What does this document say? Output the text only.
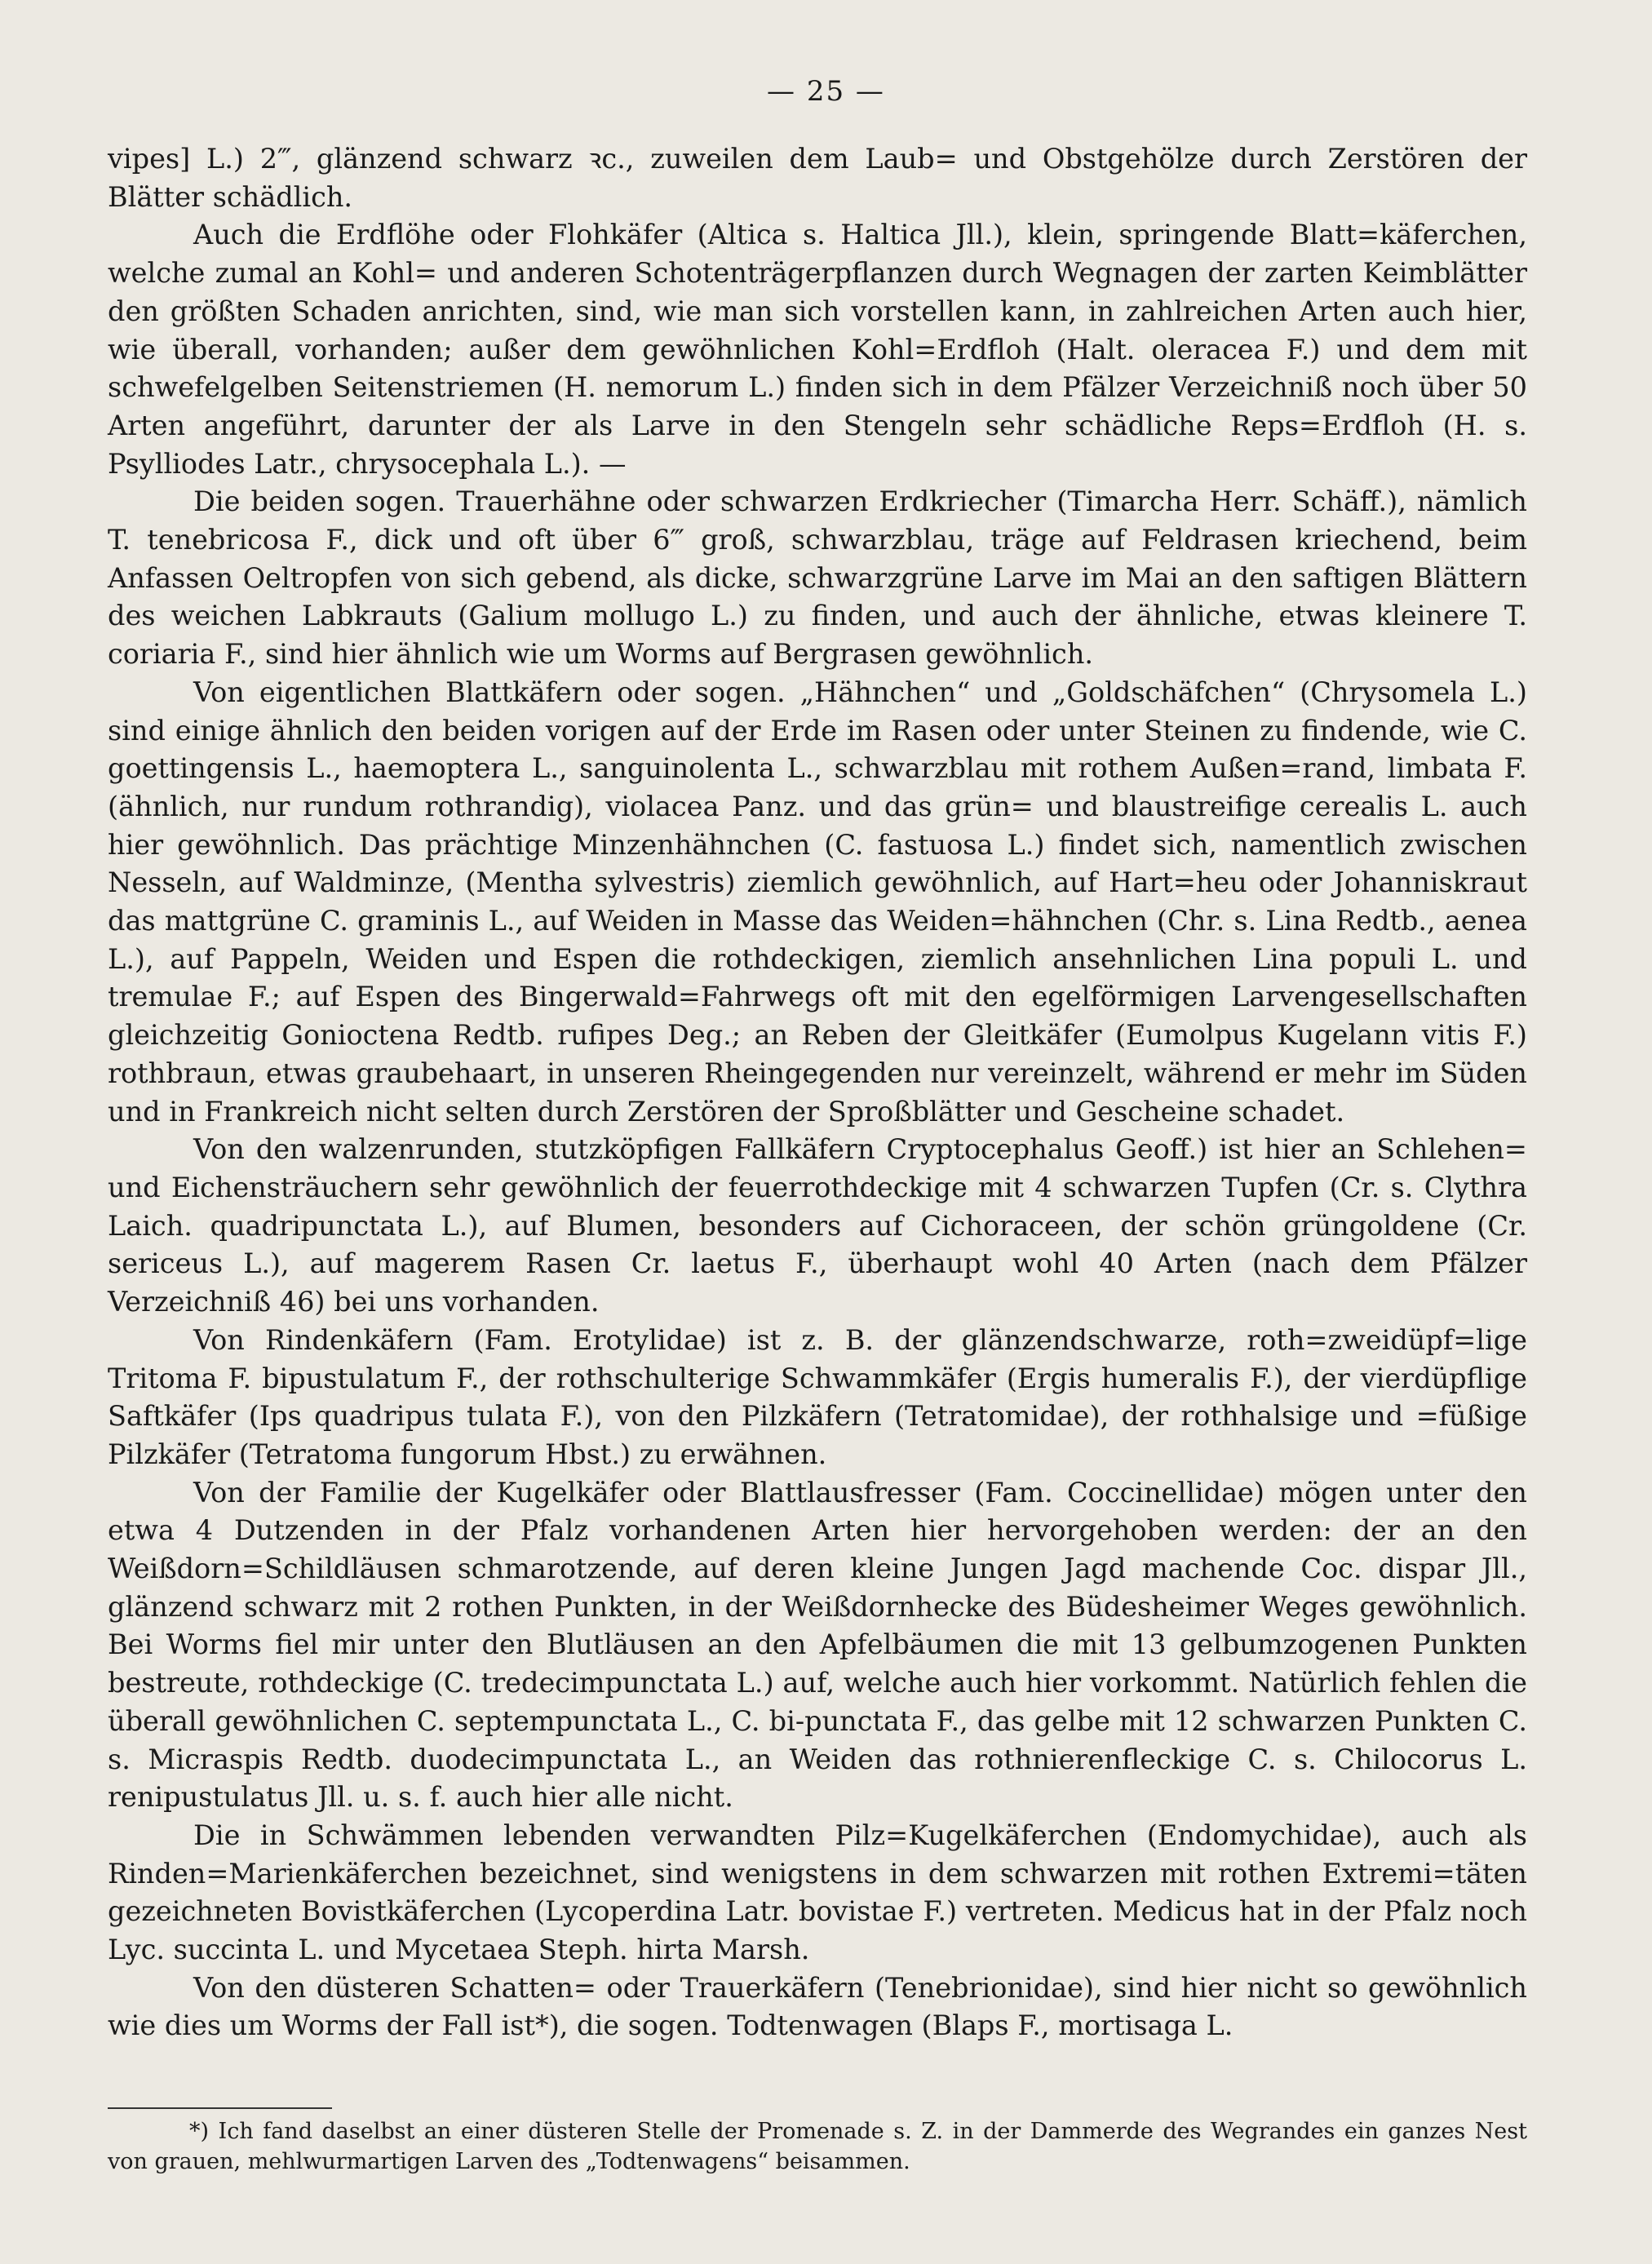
— 25 —

vipes] L.) 2‴, glänzend schwarz ꝛc., zuweilen dem Laub= und Obstgehölze durch Zerstören der Blätter schädlich.

Auch die Erdflöhe oder Flohkäfer (Altica s. Haltica Jll.), klein, springende Blatt=käferchen, welche zumal an Kohl= und anderen Schotenträgerpflanzen durch Wegnagen der zarten Keimblätter den größten Schaden anrichten, sind, wie man sich vorstellen kann, in zahlreichen Arten auch hier, wie überall, vorhanden; außer dem gewöhnlichen Kohl=Erdfloh (Halt. oleracea F.) und dem mit schwefelgelben Seitenstriemen (H. nemorum L.) finden sich in dem Pfälzer Verzeichniß noch über 50 Arten angeführt, darunter der als Larve in den Stengeln sehr schädliche Reps=Erdfloh (H. s. Psylliodes Latr., chrysocephala L.). —

Die beiden sogen. Trauerhähne oder schwarzen Erdkriecher (Timarcha Herr. Schäff.), nämlich T. tenebricosa F., dick und oft über 6‴ groß, schwarzblau, träge auf Feldrasen kriechend, beim Anfassen Oeltropfen von sich gebend, als dicke, schwarzgrüne Larve im Mai an den saftigen Blättern des weichen Labkrauts (Galium mollugo L.) zu finden, und auch der ähnliche, etwas kleinere T. coriaria F., sind hier ähnlich wie um Worms auf Bergrasen gewöhnlich.

Von eigentlichen Blattkäfern oder sogen. „Hähnchen“ und „Goldschäfchen“ (Chrysomela L.) sind einige ähnlich den beiden vorigen auf der Erde im Rasen oder unter Steinen zu findende, wie C. goettingensis L., haemoptera L., sanguinolenta L., schwarzblau mit rothem Außen=rand, limbata F. (ähnlich, nur rundum rothrandig), violacea Panz. und das grün= und blaustreifige cerealis L. auch hier gewöhnlich. Das prächtige Minzenhähnchen (C. fastuosa L.) findet sich, namentlich zwischen Nesseln, auf Waldminze, (Mentha sylvestris) ziemlich gewöhnlich, auf Hart=heu oder Johanniskraut das mattgrüne C. graminis L., auf Weiden in Masse das Weiden=hähnchen (Chr. s. Lina Redtb., aenea L.), auf Pappeln, Weiden und Espen die rothdeckigen, ziemlich ansehnlichen Lina populi L. und tremulae F.; auf Espen des Bingerwald=Fahrwegs oft mit den egelförmigen Larvengesellschaften gleichzeitig Gonioctena Redtb. rufipes Deg.; an Reben der Gleitkäfer (Eumolpus Kugelann vitis F.) rothbraun, etwas graubehaart, in unseren Rheingegenden nur vereinzelt, während er mehr im Süden und in Frankreich nicht selten durch Zerstören der Sproßblätter und Gescheine schadet.

Von den walzenrunden, stutzköpfigen Fallkäfern Cryptocephalus Geoff.) ist hier an Schlehen= und Eichensträuchern sehr gewöhnlich der feuerrothdeckige mit 4 schwarzen Tupfen (Cr. s. Clythra Laich. quadripunctata L.), auf Blumen, besonders auf Cichoraceen, der schön grüngoldene (Cr. sericeus L.), auf magerem Rasen Cr. laetus F., überhaupt wohl 40 Arten (nach dem Pfälzer Verzeichniß 46) bei uns vorhanden.

Von Rindenkäfern (Fam. Erotylidae) ist z. B. der glänzendschwarze, roth=zweidüpf=lige Tritoma F. bipustulatum F., der rothschulterige Schwammkäfer (Ergis humeralis F.), der vierdüpflige Saftkäfer (Ips quadripus tulata F.), von den Pilzkäfern (Tetratomidae), der rothhalsige und =füßige Pilzkäfer (Tetratoma fungorum Hbst.) zu erwähnen.

Von der Familie der Kugelkäfer oder Blattlausfresser (Fam. Coccinellidae) mögen unter den etwa 4 Dutzenden in der Pfalz vorhandenen Arten hier hervorgehoben werden: der an den Weißdorn=Schildläusen schmarotzende, auf deren kleine Jungen Jagd machende Coc. dispar Jll., glänzend schwarz mit 2 rothen Punkten, in der Weißdornhecke des Büdesheimer Weges gewöhnlich. Bei Worms fiel mir unter den Blutläusen an den Apfelbäumen die mit 13 gelbumzogenen Punkten bestreute, rothdeckige (C. tredecimpunctata L.) auf, welche auch hier vorkommt. Natürlich fehlen die überall gewöhnlichen C. septempunctata L., C. bi-punctata F., das gelbe mit 12 schwarzen Punkten C. s. Micraspis Redtb. duodecimpunctata L., an Weiden das rothnierenfleckige C. s. Chilocorus L. renipustulatus Jll. u. s. f. auch hier alle nicht.

Die in Schwämmen lebenden verwandten Pilz=Kugelkäferchen (Endomychidae), auch als Rinden=Marienkäferchen bezeichnet, sind wenigstens in dem schwarzen mit rothen Extremi=täten gezeichneten Bovistkäferchen (Lycoperdina Latr. bovistae F.) vertreten. Medicus hat in der Pfalz noch Lyc. succinta L. und Mycetaea Steph. hirta Marsh.

Von den düsteren Schatten= oder Trauerkäfern (Tenebrionidae), sind hier nicht so gewöhnlich wie dies um Worms der Fall ist*), die sogen. Todtenwagen (Blaps F., mortisaga L.

*) Ich fand daselbst an einer düsteren Stelle der Promenade s. Z. in der Dammerde des Wegrandes ein ganzes Nest von grauen, mehlwurmartigen Larven des „Todtenwagens“ beisammen.
